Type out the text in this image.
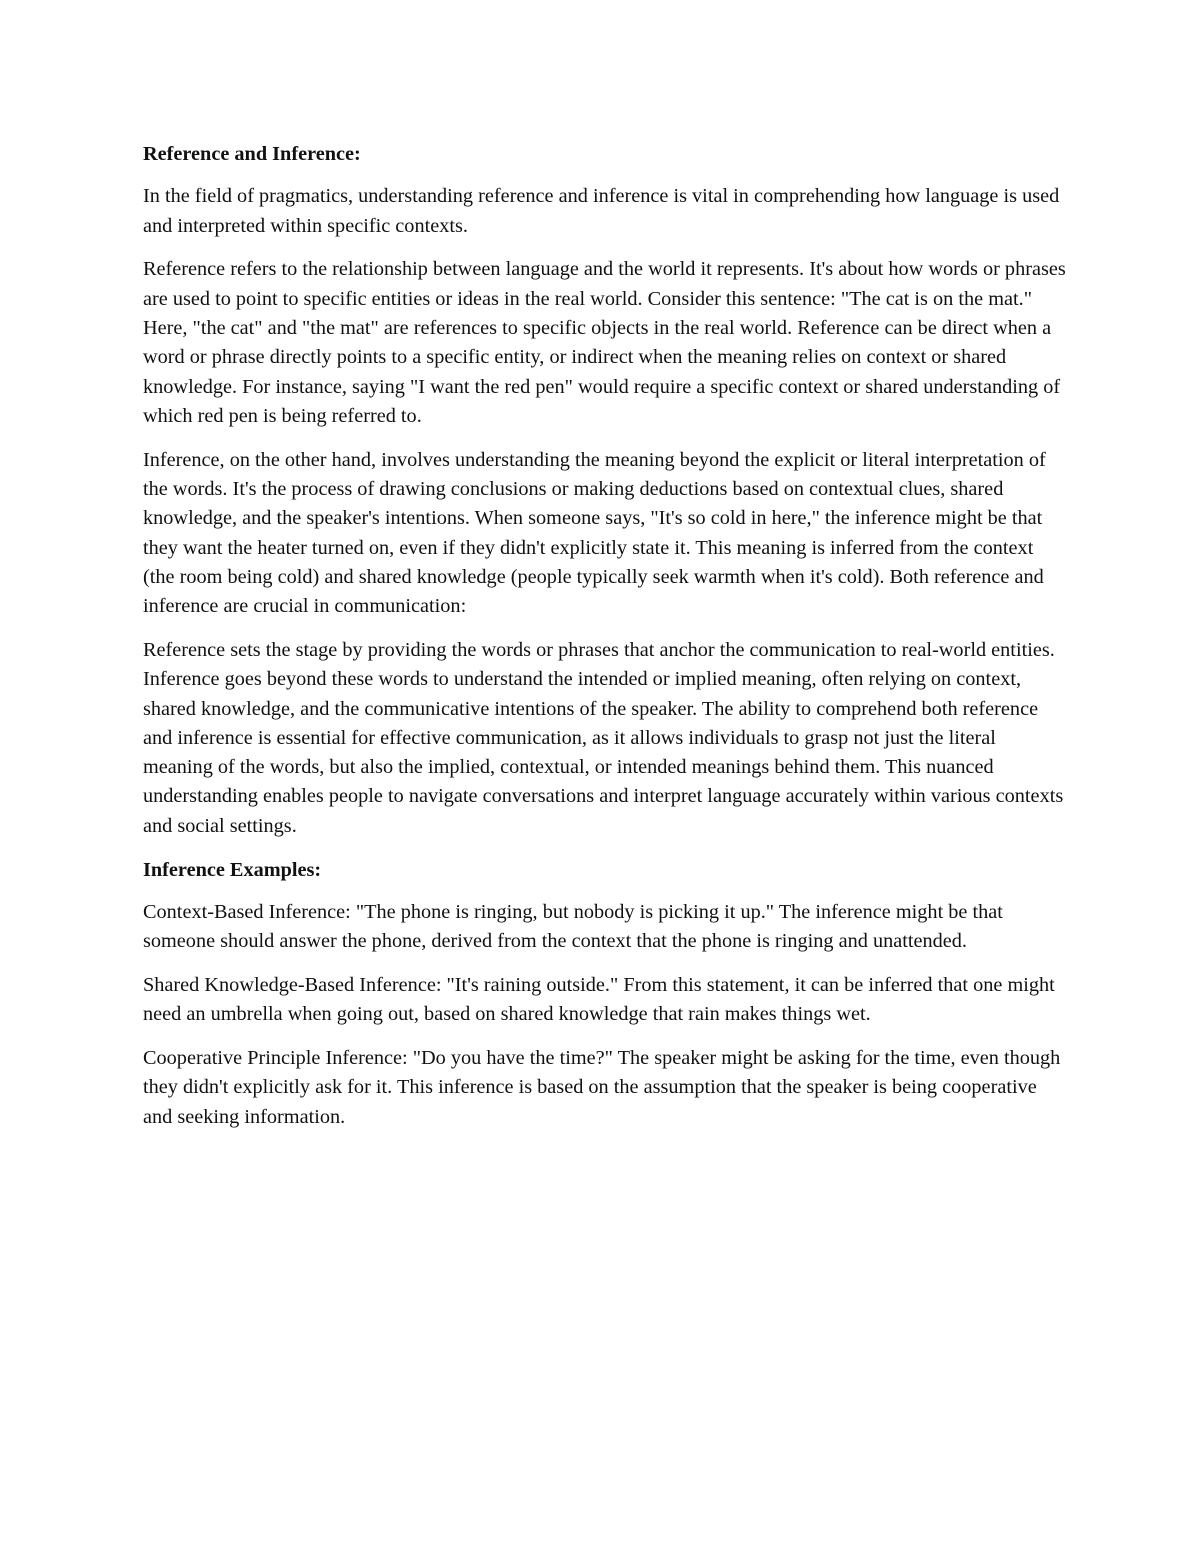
Reference and Inference:

In the field of pragmatics, understanding reference and inference is vital in comprehending how language is used and interpreted within specific contexts.

Reference refers to the relationship between language and the world it represents. It's about how words or phrases are used to point to specific entities or ideas in the real world. Consider this sentence: "The cat is on the mat." Here, "the cat" and "the mat" are references to specific objects in the real world. Reference can be direct when a word or phrase directly points to a specific entity, or indirect when the meaning relies on context or shared knowledge. For instance, saying "I want the red pen" would require a specific context or shared understanding of which red pen is being referred to.

Inference, on the other hand, involves understanding the meaning beyond the explicit or literal interpretation of the words. It's the process of drawing conclusions or making deductions based on contextual clues, shared knowledge, and the speaker's intentions. When someone says, "It's so cold in here," the inference might be that they want the heater turned on, even if they didn't explicitly state it. This meaning is inferred from the context (the room being cold) and shared knowledge (people typically seek warmth when it's cold). Both reference and inference are crucial in communication:

Reference sets the stage by providing the words or phrases that anchor the communication to real-world entities. Inference goes beyond these words to understand the intended or implied meaning, often relying on context, shared knowledge, and the communicative intentions of the speaker. The ability to comprehend both reference and inference is essential for effective communication, as it allows individuals to grasp not just the literal meaning of the words, but also the implied, contextual, or intended meanings behind them. This nuanced understanding enables people to navigate conversations and interpret language accurately within various contexts and social settings.

Inference Examples:

Context-Based Inference: "The phone is ringing, but nobody is picking it up." The inference might be that someone should answer the phone, derived from the context that the phone is ringing and unattended.

Shared Knowledge-Based Inference: "It's raining outside." From this statement, it can be inferred that one might need an umbrella when going out, based on shared knowledge that rain makes things wet.

Cooperative Principle Inference: "Do you have the time?" The speaker might be asking for the time, even though they didn't explicitly ask for it. This inference is based on the assumption that the speaker is being cooperative and seeking information.
